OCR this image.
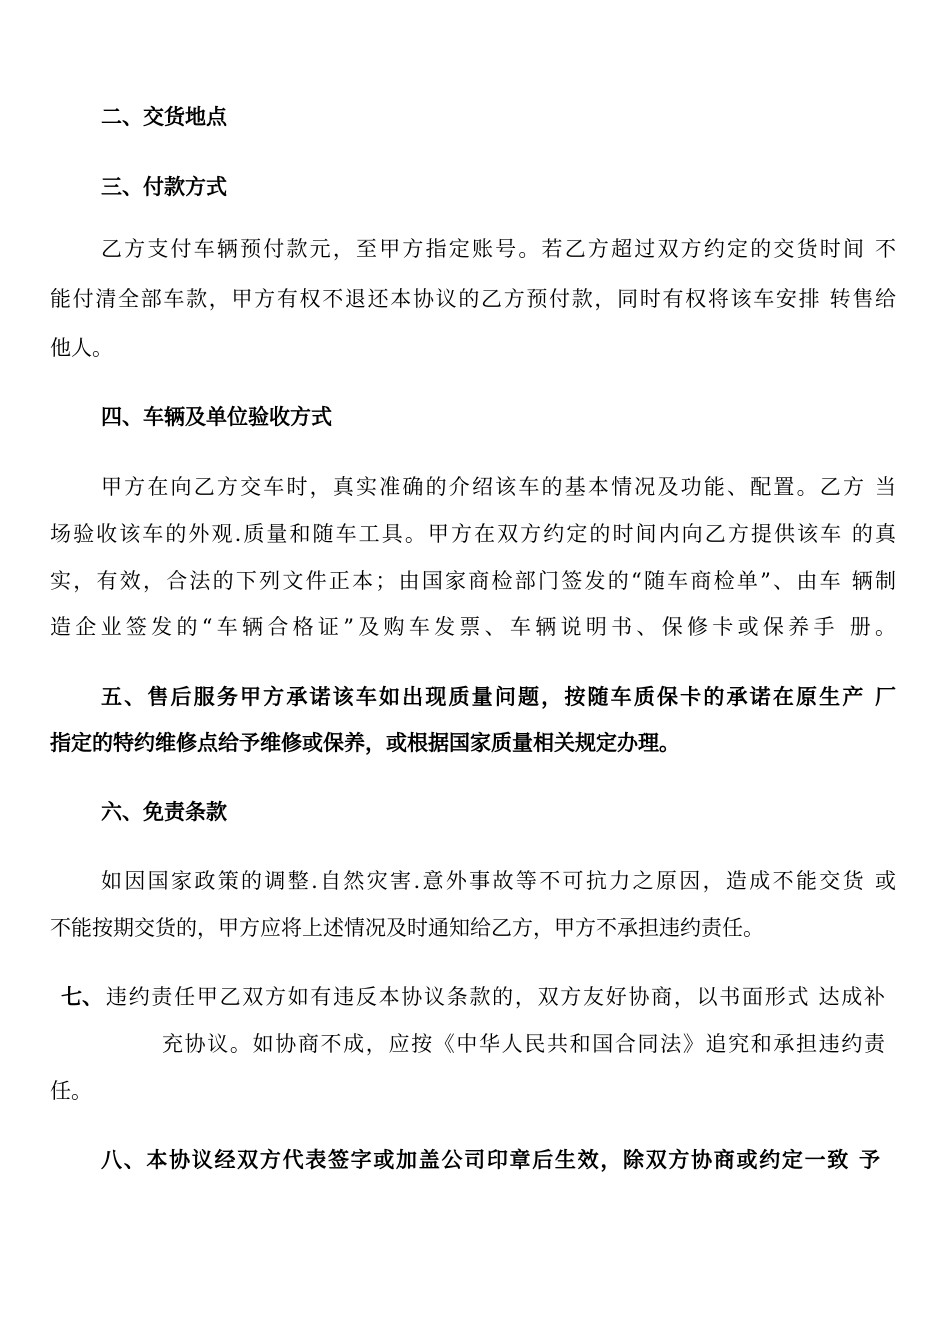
二、交货地点
三、付款方式
乙方支付车辆预付款元，至甲方指定账号。若乙方超过双方约定的交货时间 不
能付清全部车款，甲方有权不退还本协议的乙方预付款，同时有权将该车安排 转售给
他人。
四、车辆及单位验收方式
甲方在向乙方交车时，真实准确的介绍该车的基本情况及功能、配置。乙方 当
场验收该车的外观.质量和随车工具。甲方在双方约定的时间内向乙方提供该车 的真
实，有效，合法的下列文件正本；由国家商检部门签发的“随车商检单”、由车 辆制
造企业签发的“车辆合格证”及购车发票、车辆说明书、保修卡或保养手 册。
五、售后服务甲方承诺该车如出现质量问题，按随车质保卡的承诺在原生产 厂
指定的特约维修点给予维修或保养，或根据国家质量相关规定办理。
六、免责条款
如因国家政策的调整.自然灾害.意外事故等不可抗力之原因，造成不能交货 或
不能按期交货的，甲方应将上述情况及时通知给乙方，甲方不承担违约责任。
七、 违约责任甲乙双方如有违反本协议条款的，双方友好协商，以书面形式 达成补
充协议。如协商不成，应按《中华人民共和国合同法》追究和承担违约责
任。
八、本协议经双方代表签字或加盖公司印章后生效，除双方协商或约定一致 予
